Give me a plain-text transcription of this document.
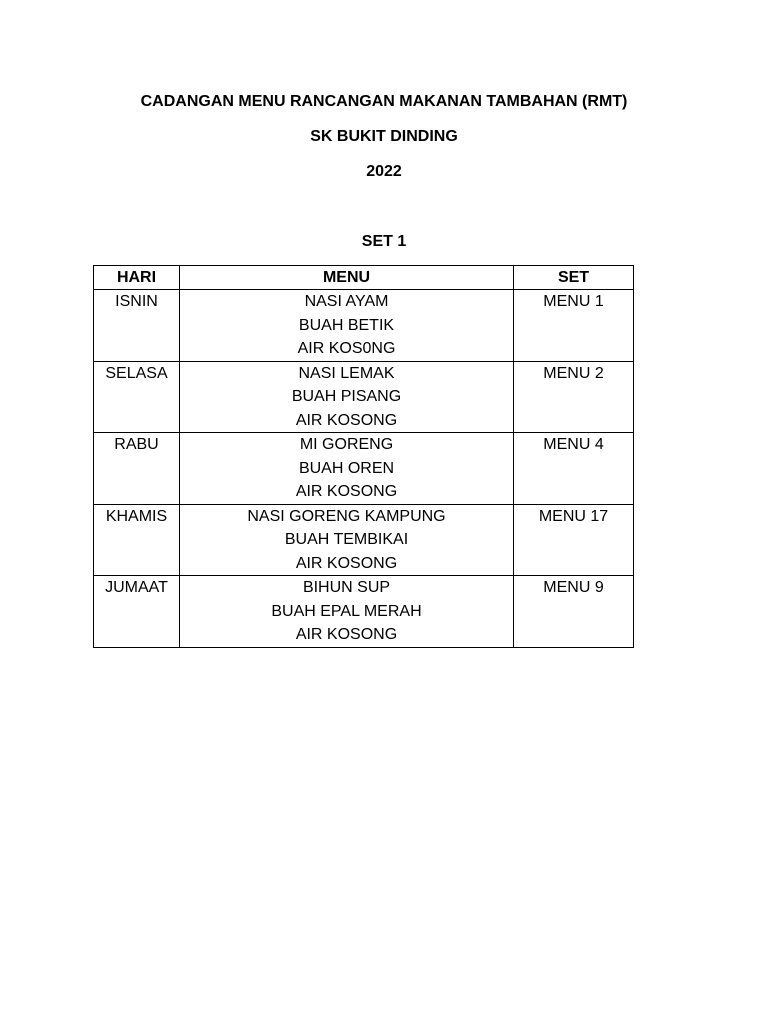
CADANGAN MENU RANCANGAN MAKANAN TAMBAHAN (RMT)
SK BUKIT DINDING
2022
SET 1
HARI	MENU	SET
ISNIN	NASI AYAM
BUAH BETIK
AIR KOS0NG	MENU 1
SELASA	NASI LEMAK
BUAH PISANG
AIR KOSONG	MENU 2
RABU	MI GORENG
BUAH OREN
AIR KOSONG	MENU 4
KHAMIS	NASI GORENG KAMPUNG
BUAH TEMBIKAI
AIR KOSONG	MENU 17
JUMAAT	BIHUN SUP
BUAH EPAL MERAH
AIR KOSONG	MENU 9
